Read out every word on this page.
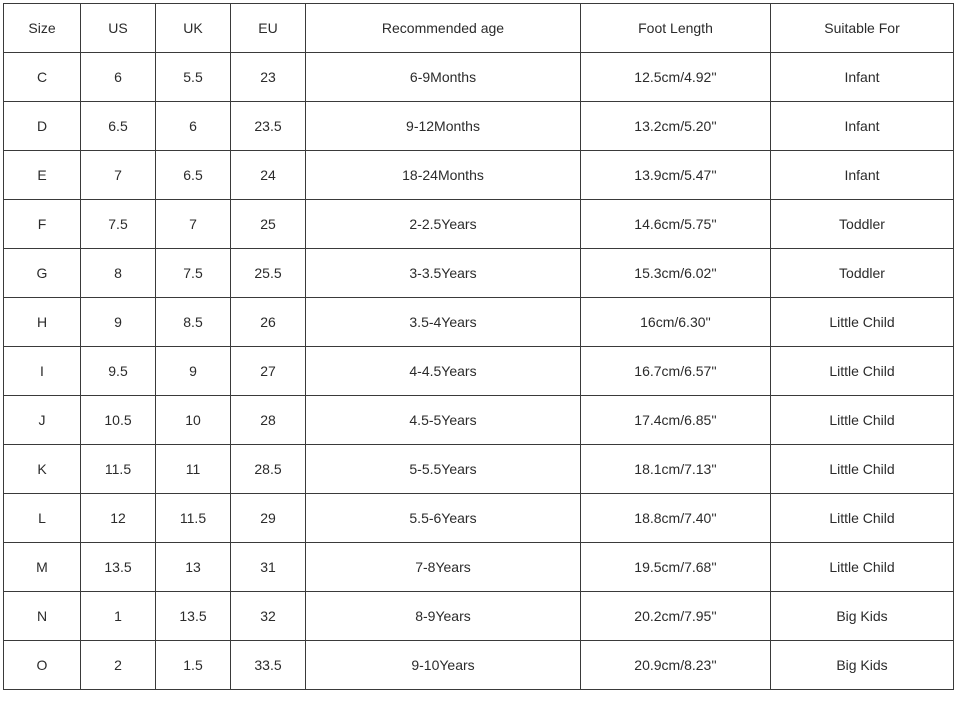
Size	US	UK	EU	Recommended age	Foot Length	Suitable For
C	6	5.5	23	6-9Months	12.5cm/4.92''	Infant
D	6.5	6	23.5	9-12Months	13.2cm/5.20''	Infant
E	7	6.5	24	18-24Months	13.9cm/5.47''	Infant
F	7.5	7	25	2-2.5Years	14.6cm/5.75''	Toddler
G	8	7.5	25.5	3-3.5Years	15.3cm/6.02''	Toddler
H	9	8.5	26	3.5-4Years	16cm/6.30''	Little Child
I	9.5	9	27	4-4.5Years	16.7cm/6.57''	Little Child
J	10.5	10	28	4.5-5Years	17.4cm/6.85''	Little Child
K	11.5	11	28.5	5-5.5Years	18.1cm/7.13''	Little Child
L	12	11.5	29	5.5-6Years	18.8cm/7.40''	Little Child
M	13.5	13	31	7-8Years	19.5cm/7.68''	Little Child
N	1	13.5	32	8-9Years	20.2cm/7.95''	Big Kids
O	2	1.5	33.5	9-10Years	20.9cm/8.23''	Big Kids
